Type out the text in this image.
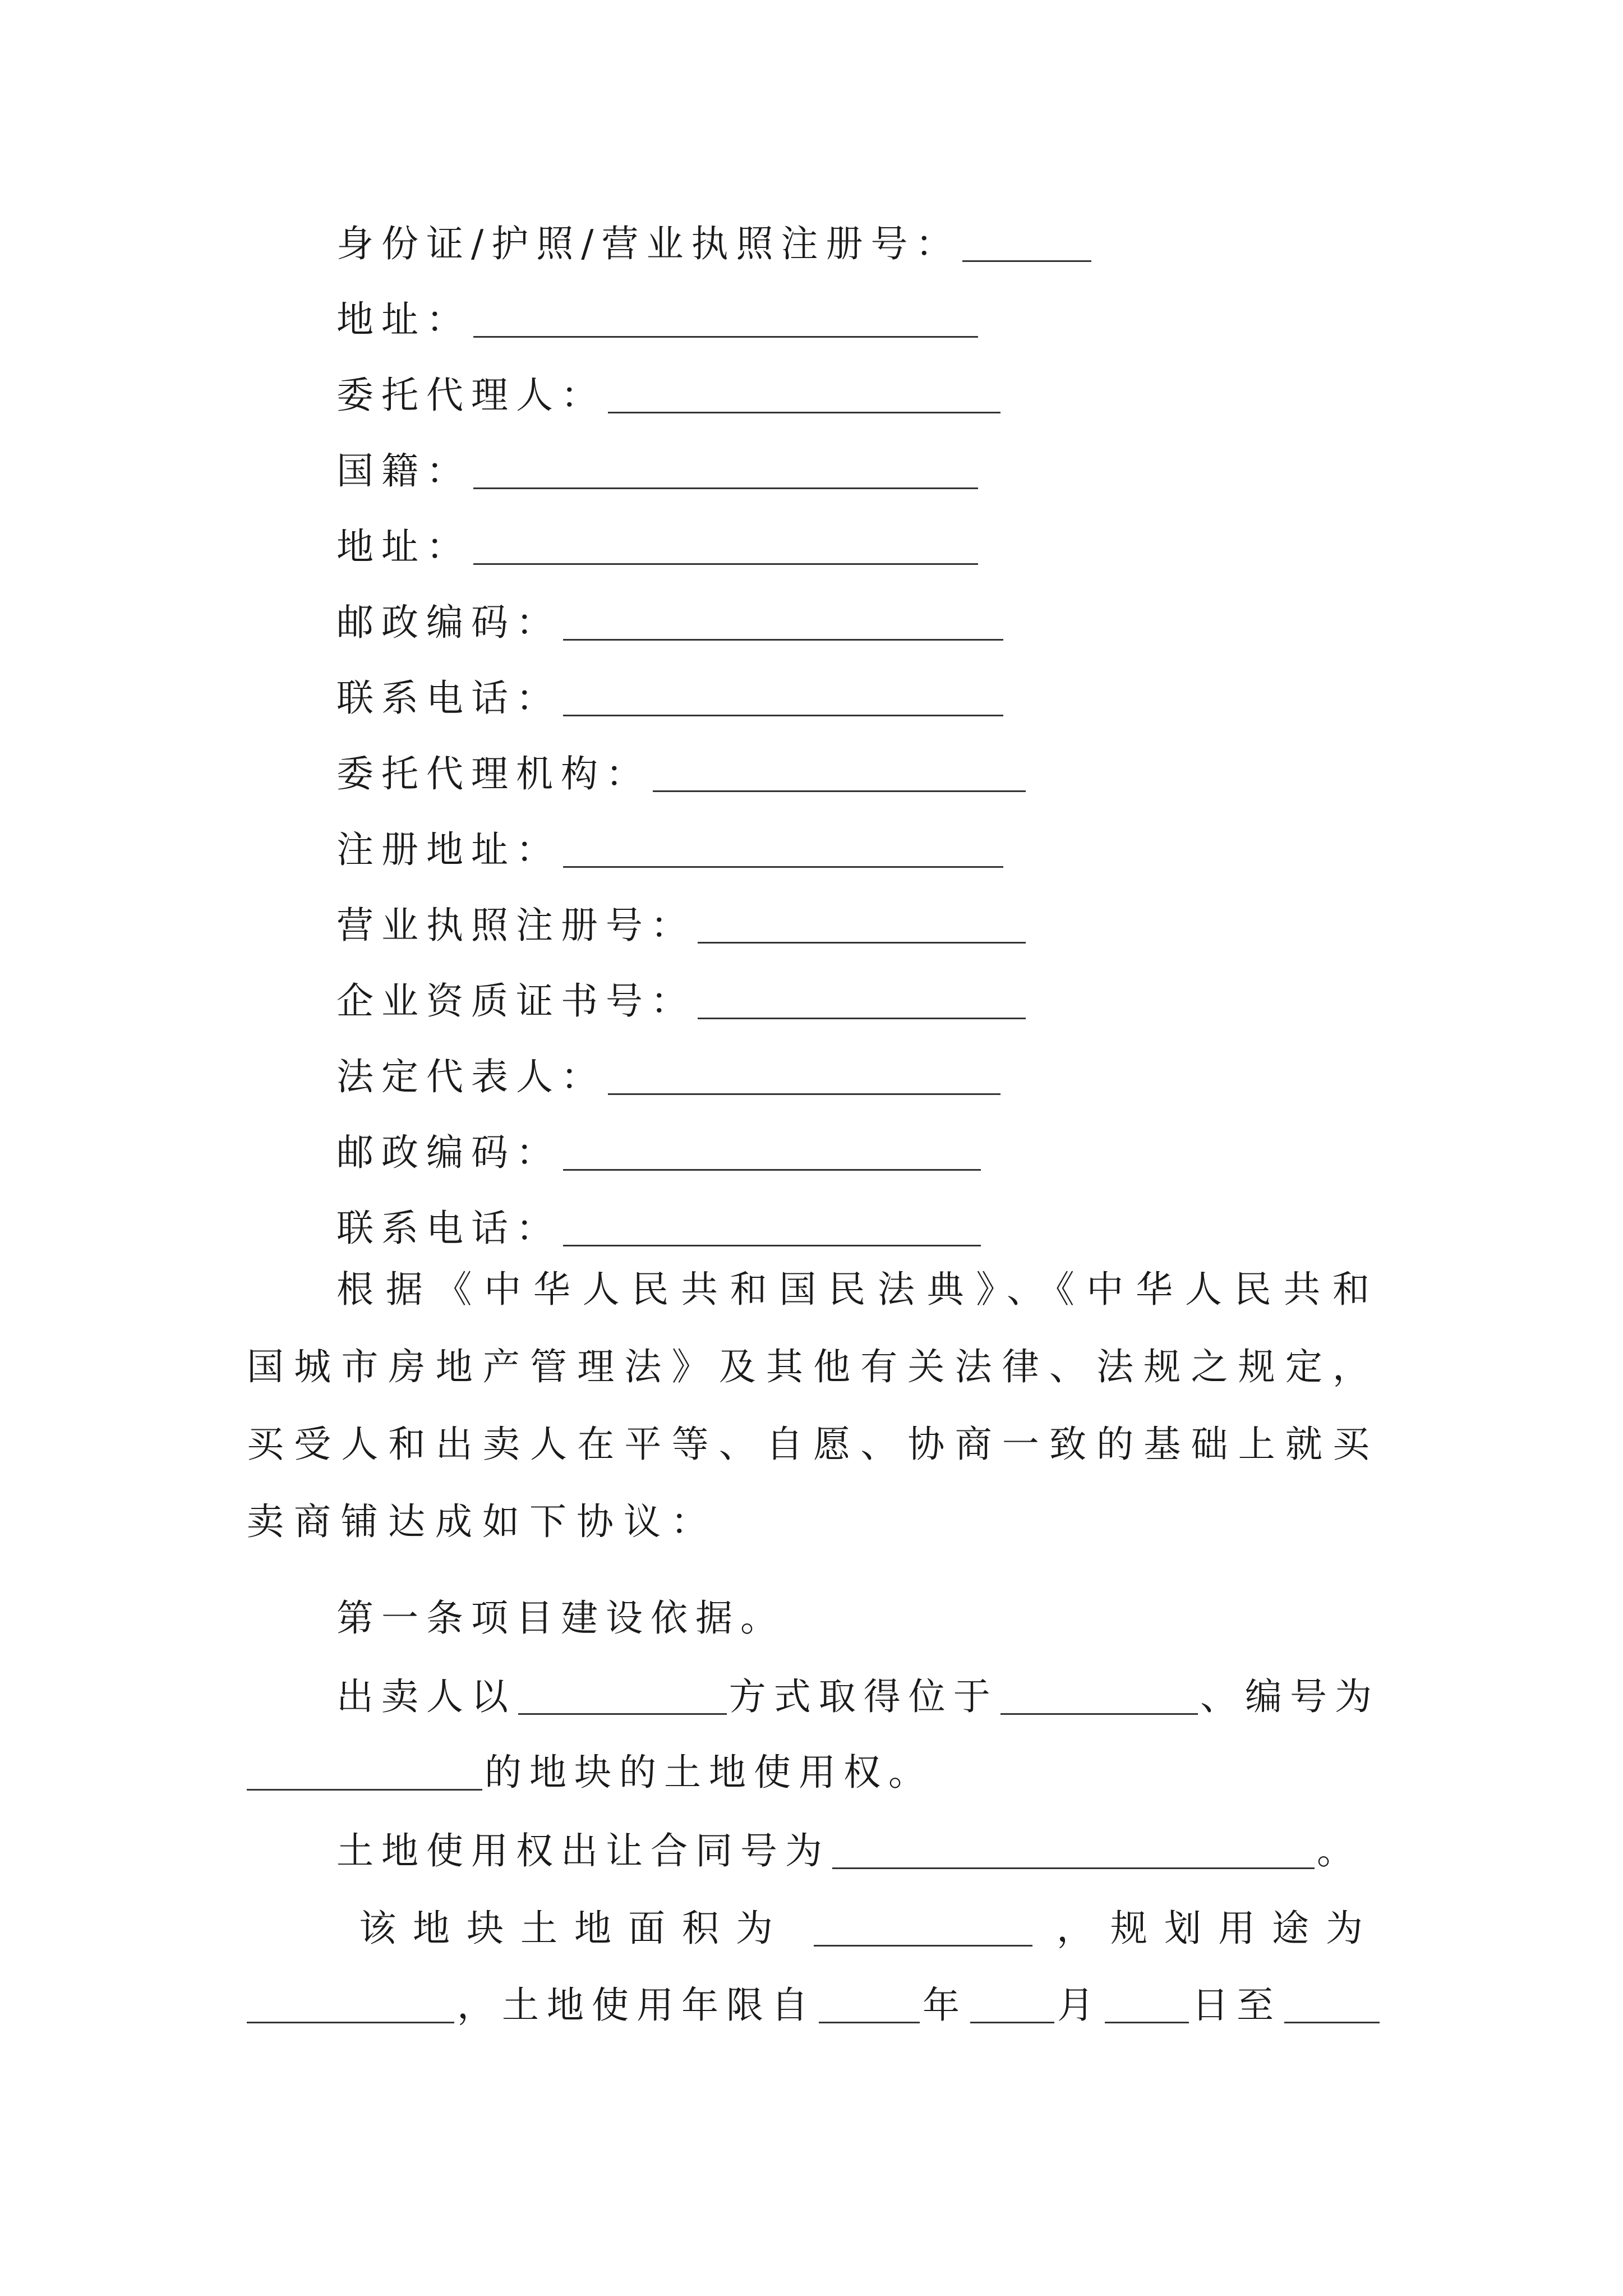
身份证/护照/营业执照注册号：
地址：
委托代理人：
国籍：
地址：
邮政编码：
联系电话：
委托代理机构：
注册地址：
营业执照注册号：
企业资质证书号：
法定代表人：
邮政编码：
联系电话：

根据《中华人民共和国民法典》、《中华人民共和国城市房地产管理法》及其他有关法律、法规之规定，买受人和出卖人在平等、自愿、协商一致的基础上就买卖商铺达成如下协议：

第一条项目建设依据。
出卖人以	方式取得位于	、编号为
的地块的土地使用权。
土地使用权出让合同号为	。
该地块土地面积为	，规划用途为
，土地使用年限自	年 月 日至
